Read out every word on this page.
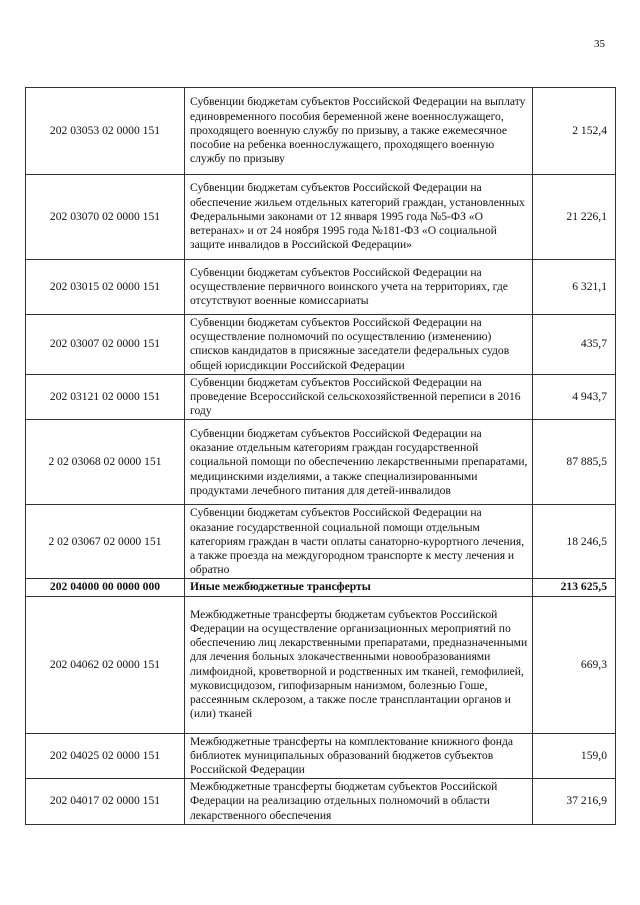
35
202 03053 02 0000 151	Субвенции бюджетам субъектов Российской Федерации на выплату единовременного пособия беременной жене военнослужащего, проходящего военную службу по призыву, а также ежемесячное пособие на ребенка военнослужащего, проходящего военную службу по призыву	2 152,4
202 03070 02 0000 151	Субвенции бюджетам субъектов Российской Федерации на обеспечение жильем отдельных категорий граждан, установленных Федеральными законами от 12 января 1995 года №5-ФЗ «О ветеранах» и от 24 ноября 1995 года №181-ФЗ «О социальной защите инвалидов в Российской Федерации»	21 226,1
202 03015 02 0000 151	Субвенции бюджетам субъектов Российской Федерации на осуществление первичного воинского учета на территориях, где отсутствуют военные комиссариаты	6 321,1
202 03007 02 0000 151	Субвенции бюджетам субъектов Российской Федерации на осуществление полномочий по осуществлению (изменению) списков кандидатов в присяжные заседатели федеральных судов общей юрисдикции Российской Федерации	435,7
202 03121 02 0000 151	Субвенции бюджетам субъектов Российской Федерации на проведение Всероссийской сельскохозяйственной переписи в 2016 году	4 943,7
2 02 03068 02 0000 151	Субвенции бюджетам субъектов Российской Федерации на оказание отдельным категориям граждан государственной социальной помощи по обеспечению лекарственными препаратами, медицинскими изделиями, а также специализированными продуктами лечебного питания для детей-инвалидов	87 885,5
2 02 03067 02 0000 151	Субвенции бюджетам субъектов Российской Федерации на оказание государственной социальной помощи отдельным категориям граждан в части оплаты санаторно-курортного лечения, а также проезда на междугородном транспорте к месту лечения и обратно	18 246,5
202 04000 00 0000 000	Иные межбюджетные трансферты	213 625,5
202 04062 02 0000 151	Межбюджетные трансферты бюджетам субъектов Российской Федерации на осуществление организационных мероприятий по обеспечению лиц лекарственными препаратами, предназначенными для лечения больных злокачественными новообразованиями лимфоидной, кроветворной и родственных им тканей, гемофилией, муковисцидозом, гипофизарным нанизмом, болезнью Гоше, рассеянным склерозом, а также после трансплантации органов и (или) тканей	669,3
202 04025 02 0000 151	Межбюджетные трансферты на комплектование книжного фонда библиотек муниципальных образований бюджетов субъектов Российской Федерации	159,0
202 04017 02 0000 151	Межбюджетные трансферты бюджетам субъектов Российской Федерации на реализацию отдельных полномочий в области лекарственного обеспечения	37 216,9
